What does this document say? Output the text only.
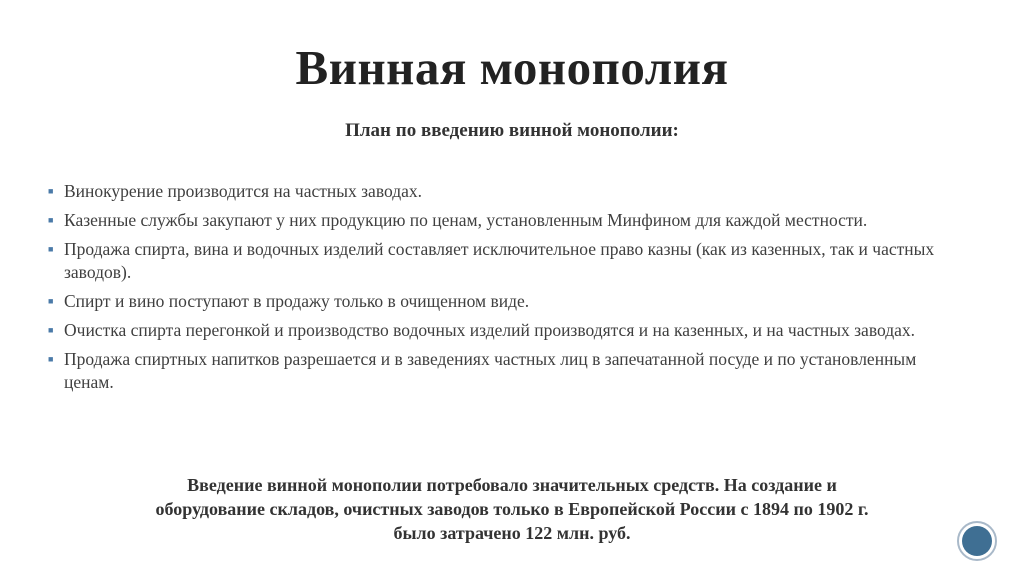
Винная монополия
План по введению винной монополии:
■ Винокурение производится на частных заводах.
■ Казенные службы закупают у них продукцию по ценам, установленным Минфином для каждой местности.
■ Продажа спирта, вина и водочных изделий составляет исключительное право казны (как из казенных, так и частных заводов).
■ Спирт и вино поступают в продажу только в очищенном виде.
■ Очистка спирта перегонкой и производство водочных изделий производятся и на казенных, и на частных заводах.
■ Продажа спиртных напитков разрешается и в заведениях частных лиц в запечатанной посуде и по установленным ценам.

Введение винной монополии потребовало значительных средств. На создание и
оборудование складов, очистных заводов только в Европейской России с 1894 по 1902 г.
было затрачено 122 млн. руб.
